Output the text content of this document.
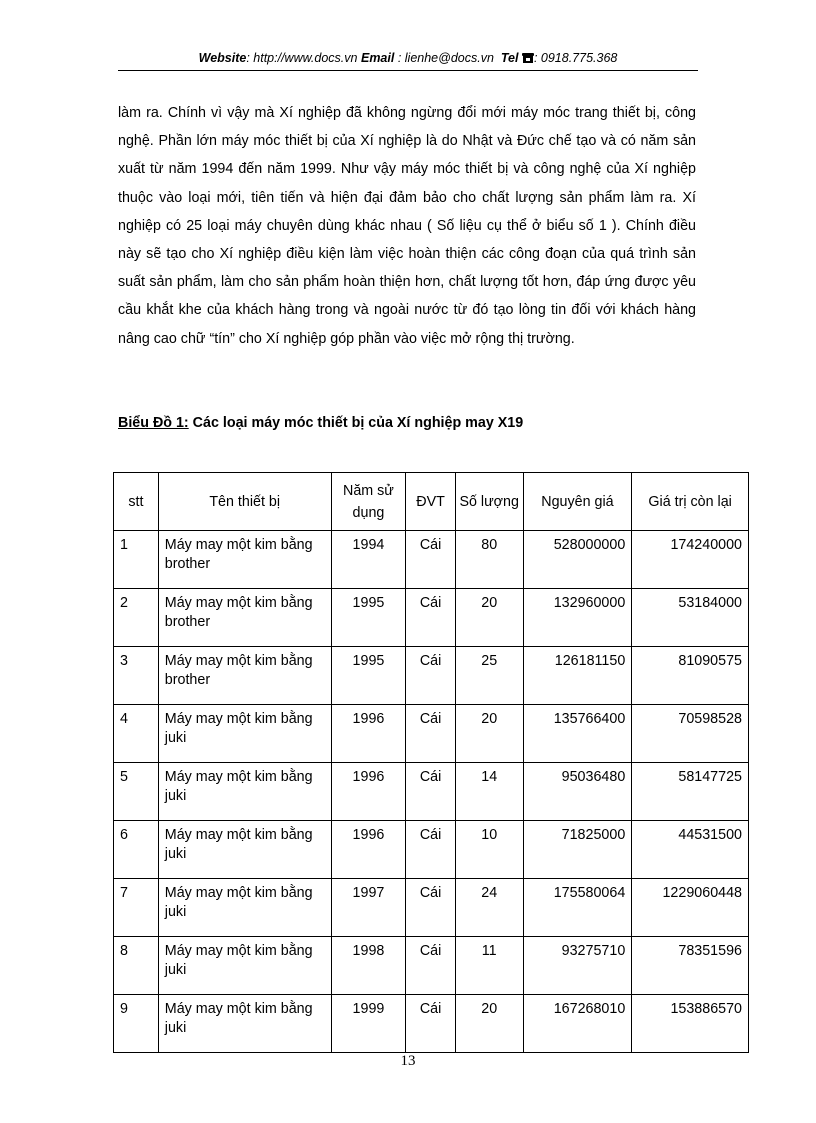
Website: http://www.docs.vn Email : lienhe@docs.vn Tel : 0918.775.368
làm ra. Chính vì vậy mà Xí nghiệp đã không ngừng đổi mới máy móc trang thiết bị, công nghệ. Phần lớn máy móc thiết bị của Xí nghiệp là do Nhật và Đức chế tạo và có năm sản xuất từ năm 1994 đến năm 1999. Như vậy máy móc thiết bị và công nghệ của Xí nghiệp thuộc vào loại mới, tiên tiến và hiện đại đảm bảo cho chất lượng sản phẩm làm ra. Xí nghiệp có 25 loại máy chuyên dùng khác nhau ( Số liệu cụ thể ở biểu số 1 ). Chính điều này sẽ tạo cho Xí nghiệp điều kiện làm việc hoàn thiện các công đoạn của quá trình sản suất sản phẩm, làm cho sản phẩm hoàn thiện hơn, chất lượng tốt hơn, đáp ứng được yêu cầu khắt khe của khách hàng trong và ngoài nước từ đó tạo lòng tin đối với khách hàng nâng cao chữ “tín” cho Xí nghiệp góp phần vào việc mở rộng thị trường.
Biểu Đồ 1: Các loại máy móc thiết bị của Xí nghiệp may X19
stt	Tên thiết bị	Năm sử dụng	ĐVT	Số lượng	Nguyên giá	Giá trị còn lại
1	Máy may một kim bằng brother	1994	Cái	80	528000000	174240000
2	Máy may một kim bằng brother	1995	Cái	20	132960000	53184000
3	Máy may một kim bằng brother	1995	Cái	25	126181150	81090575
4	Máy may một kim bằng juki	1996	Cái	20	135766400	70598528
5	Máy may một kim bằng juki	1996	Cái	14	95036480	58147725
6	Máy may một kim bằng juki	1996	Cái	10	71825000	44531500
7	Máy may một kim bằng juki	1997	Cái	24	175580064	1229060448
8	Máy may một kim bằng juki	1998	Cái	11	93275710	78351596
9	Máy may một kim bằng juki	1999	Cái	20	167268010	153886570
13
